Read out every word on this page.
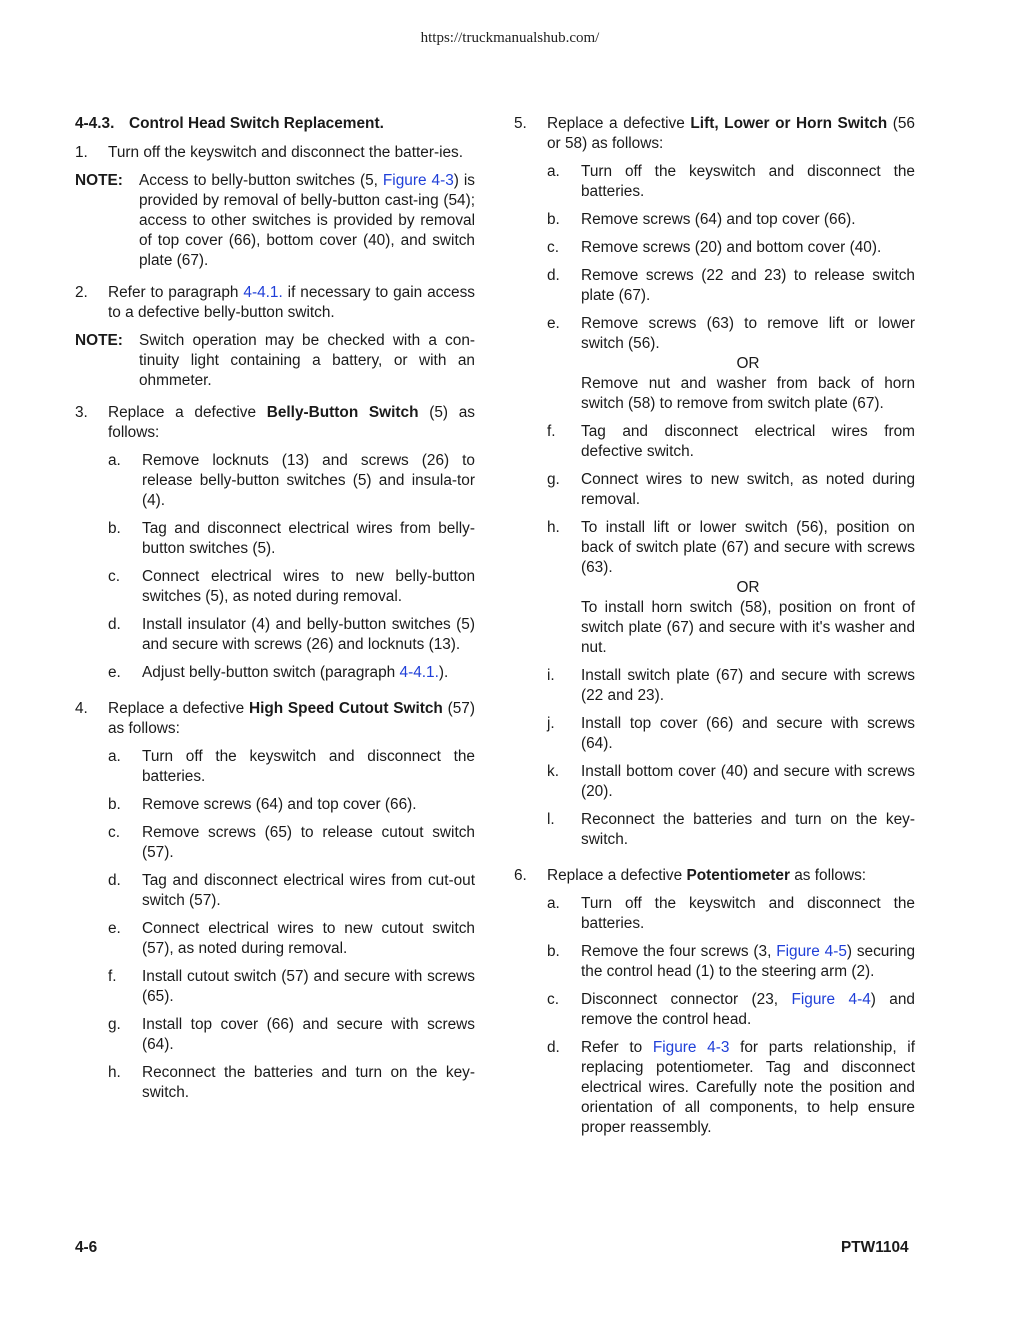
https://truckmanualshub.com/
4-4.3. Control Head Switch Replacement.
1.	Turn off the keyswitch and disconnect the batter-ies.
NOTE:	Access to belly-button switches (5, Figure 4-3) is provided by removal of belly-button cast-ing (54); access to other switches is provided by removal of top cover (66), bottom cover (40), and switch plate (67).
2.	Refer to paragraph 4-4.1. if necessary to gain access to a defective belly-button switch.
NOTE:	Switch operation may be checked with a con-tinuity light containing a battery, or with an ohmmeter.
3.	Replace a defective Belly-Button Switch (5) as follows:
a.	Remove locknuts (13) and screws (26) to release belly-button switches (5) and insula-tor (4).
b.	Tag and disconnect electrical wires from belly-button switches (5).
c.	Connect electrical wires to new belly-button switches (5), as noted during removal.
d.	Install insulator (4) and belly-button switches (5) and secure with screws (26) and locknuts (13).
e.	Adjust belly-button switch (paragraph 4-4.1.).
4.	Replace a defective High Speed Cutout Switch (57) as follows:
a.	Turn off the keyswitch and disconnect the batteries.
b.	Remove screws (64) and top cover (66).
c.	Remove screws (65) to release cutout switch (57).
d.	Tag and disconnect electrical wires from cut-out switch (57).
e.	Connect electrical wires to new cutout switch (57), as noted during removal.
f.	Install cutout switch (57) and secure with screws (65).
g.	Install top cover (66) and secure with screws (64).
h.	Reconnect the batteries and turn on the key-switch.
5.	Replace a defective Lift, Lower or Horn Switch (56 or 58) as follows:
a.	Turn off the keyswitch and disconnect the batteries.
b.	Remove screws (64) and top cover (66).
c.	Remove screws (20) and bottom cover (40).
d.	Remove screws (22 and 23) to release switch plate (67).
e.	Remove screws (63) to remove lift or lower switch (56).
OR
Remove nut and washer from back of horn switch (58) to remove from switch plate (67).
f.	Tag and disconnect electrical wires from defective switch.
g.	Connect wires to new switch, as noted during removal.
h.	To install lift or lower switch (56), position on back of switch plate (67) and secure with screws (63).
OR
To install horn switch (58), position on front of switch plate (67) and secure with it's washer and nut.
i.	Install switch plate (67) and secure with screws (22 and 23).
j.	Install top cover (66) and secure with screws (64).
k.	Install bottom cover (40) and secure with screws (20).
l.	Reconnect the batteries and turn on the key-switch.
6.	Replace a defective Potentiometer as follows:
a.	Turn off the keyswitch and disconnect the batteries.
b.	Remove the four screws (3, Figure 4-5) securing the control head (1) to the steering arm (2).
c.	Disconnect connector (23, Figure 4-4) and remove the control head.
d.	Refer to Figure 4-3 for parts relationship, if replacing potentiometer. Tag and disconnect electrical wires. Carefully note the position and orientation of all components, to help ensure proper reassembly.
4-6	PTW1104
